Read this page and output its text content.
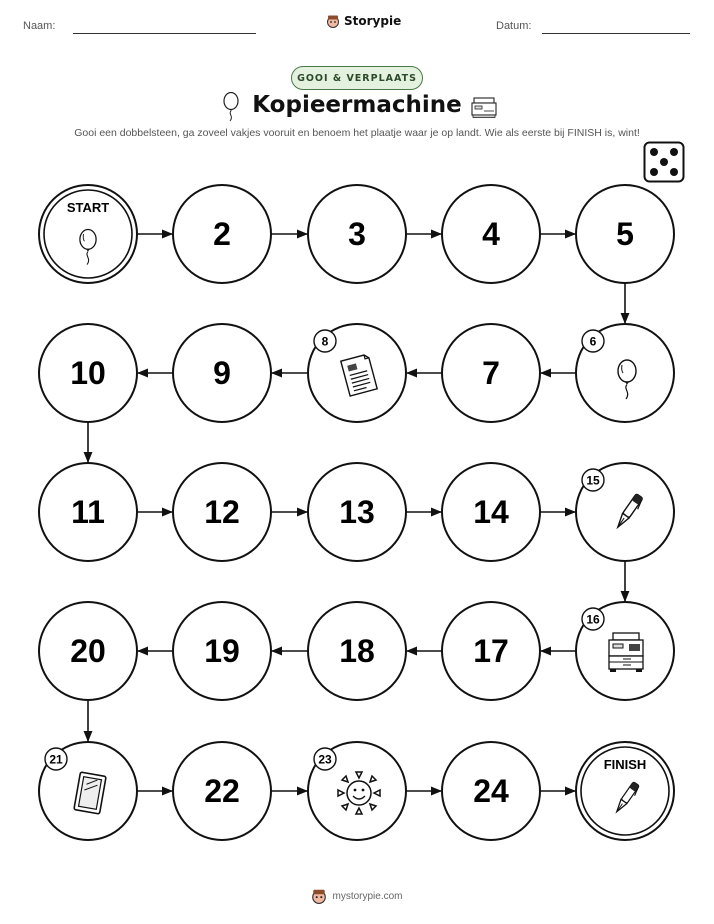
Naam:	Storypie	Datum:
GOOI & VERPLAATS
Kopieermachine
Gooi een dobbelsteen, ga zoveel vakjes vooruit en benoem het plaatje waar je op landt. Wie als eerste bij FINISH is, wint!
START
2	3	4	5
6
7
8
9
10
11	12	13	14
15
16
17
18
19
20
21
22
23
24
FINISH
mystorypie.com
